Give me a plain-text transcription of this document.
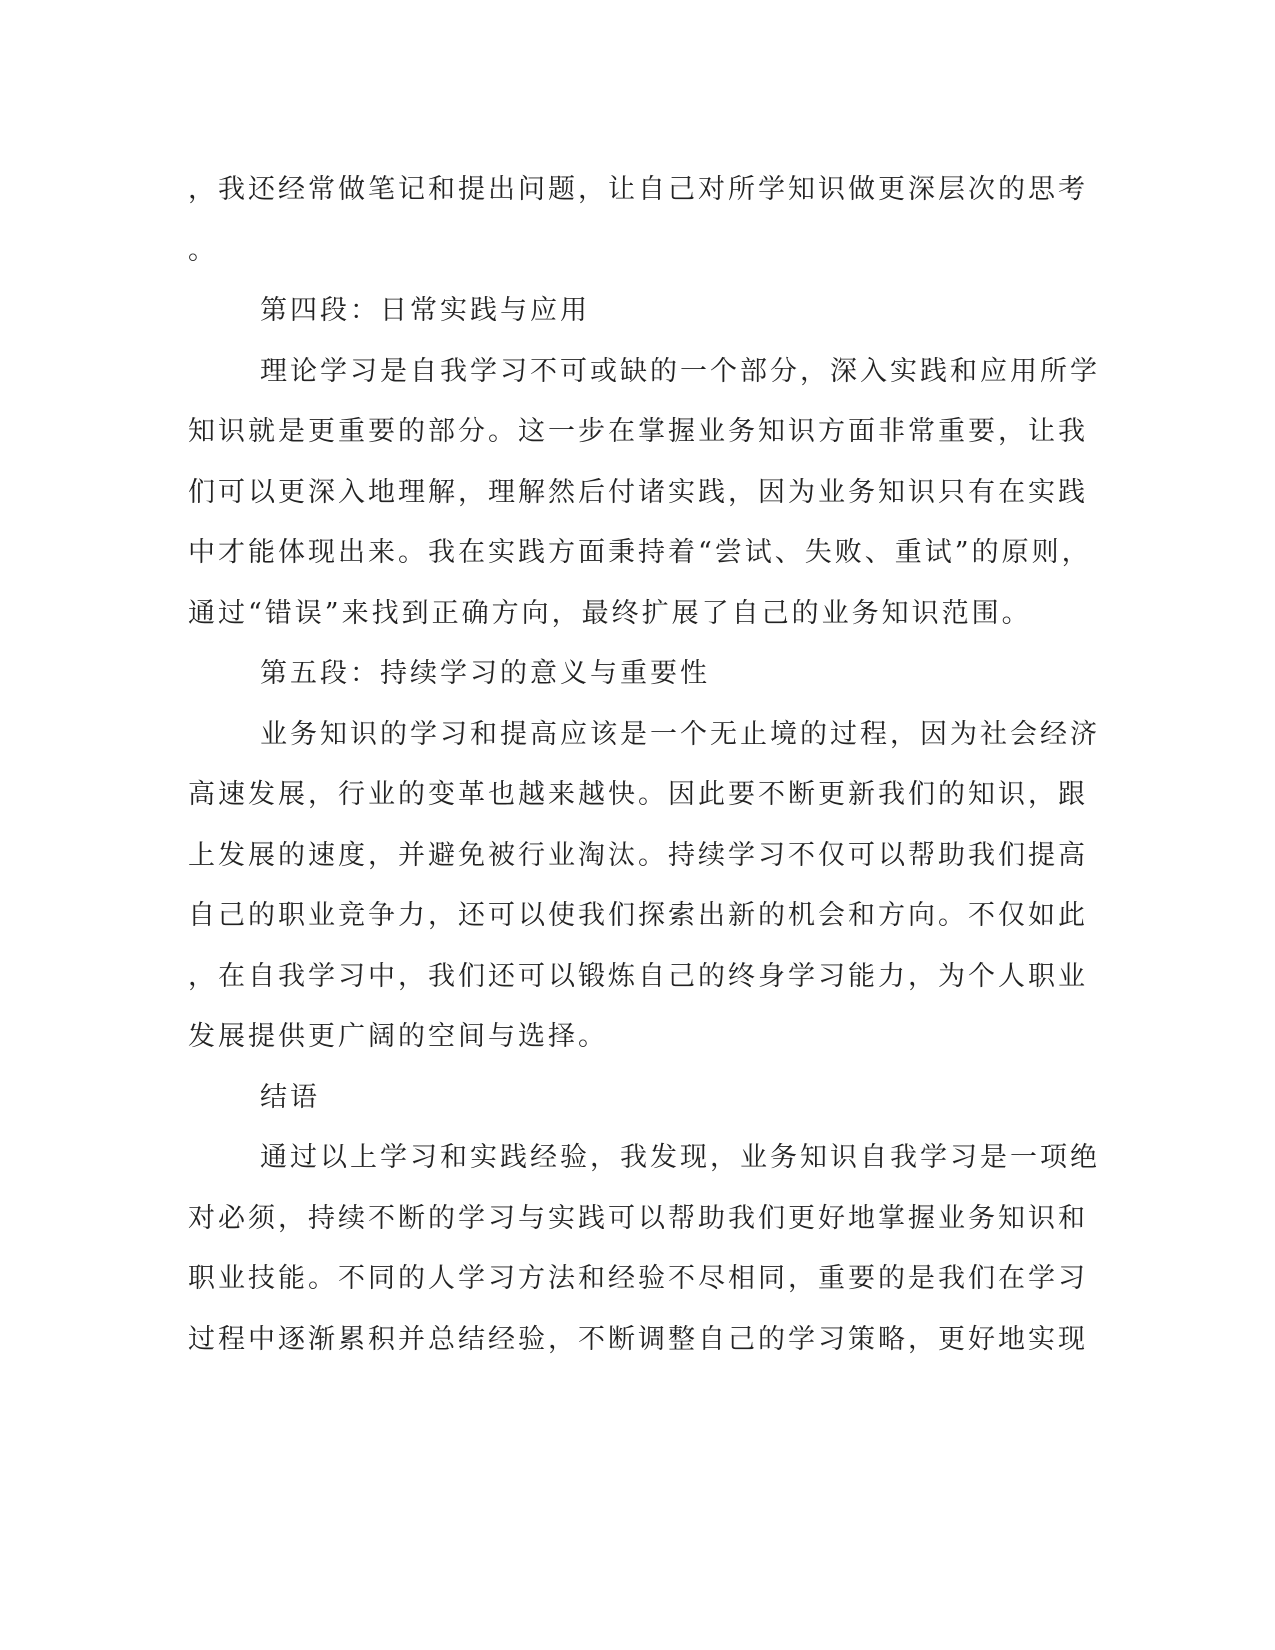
，我还经常做笔记和提出问题，让自己对所学知识做更深层次的思考
。
第四段：日常实践与应用
理论学习是自我学习不可或缺的一个部分，深入实践和应用所学
知识就是更重要的部分。这一步在掌握业务知识方面非常重要，让我
们可以更深入地理解，理解然后付诸实践，因为业务知识只有在实践
中才能体现出来。我在实践方面秉持着“尝试、失败、重试”的原则，
通过“错误”来找到正确方向，最终扩展了自己的业务知识范围。
第五段：持续学习的意义与重要性
业务知识的学习和提高应该是一个无止境的过程，因为社会经济
高速发展，行业的变革也越来越快。因此要不断更新我们的知识，跟
上发展的速度，并避免被行业淘汰。持续学习不仅可以帮助我们提高
自己的职业竞争力，还可以使我们探索出新的机会和方向。不仅如此
，在自我学习中，我们还可以锻炼自己的终身学习能力，为个人职业
发展提供更广阔的空间与选择。
结语
通过以上学习和实践经验，我发现，业务知识自我学习是一项绝
对必须，持续不断的学习与实践可以帮助我们更好地掌握业务知识和
职业技能。不同的人学习方法和经验不尽相同，重要的是我们在学习
过程中逐渐累积并总结经验，不断调整自己的学习策略，更好地实现
